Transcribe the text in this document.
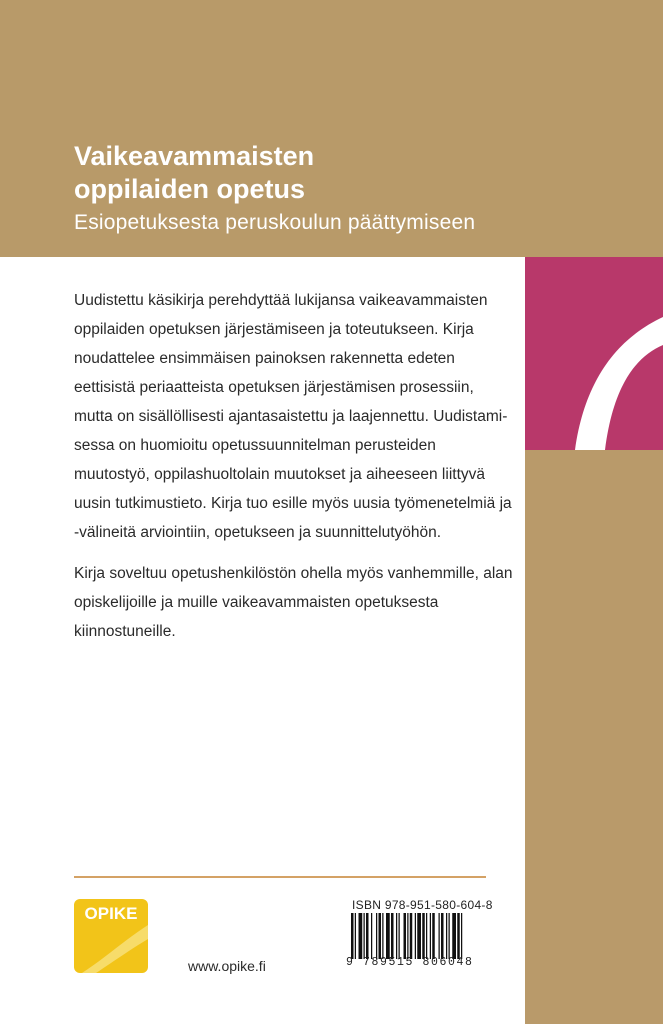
Vaikeavammaisten
oppilaiden opetus
Esiopetuksesta peruskoulun päättymiseen

Uudistettu käsikirja perehdyttää lukijansa vaikeavammaisten oppilaiden opetuksen järjestämiseen ja toteutukseen. Kirja noudattelee ensimmäisen painoksen rakennetta edeten eettisistä periaatteista opetuksen järjestämisen prosessiin, mutta on sisällöllisesti ajantasaistettu ja laajennettu. Uudistamisessa on huomioitu opetussuunnitelman perusteiden muutostyö, oppilashuoltolain muutokset ja aiheeseen liittyvä uusin tutkimustieto. Kirja tuo esille myös uusia työmenetelmiä ja -välineitä arviointiin, opetukseen ja suunnittelutyöhön.

Kirja soveltuu opetushenkilöstön ohella myös vanhemmille, alan opiskelijoille ja muille vaikeavammaisten opetuksesta kiinnostuneille.

OPIKE
www.opike.fi
ISBN 978-951-580-604-8
9 789515 806048
